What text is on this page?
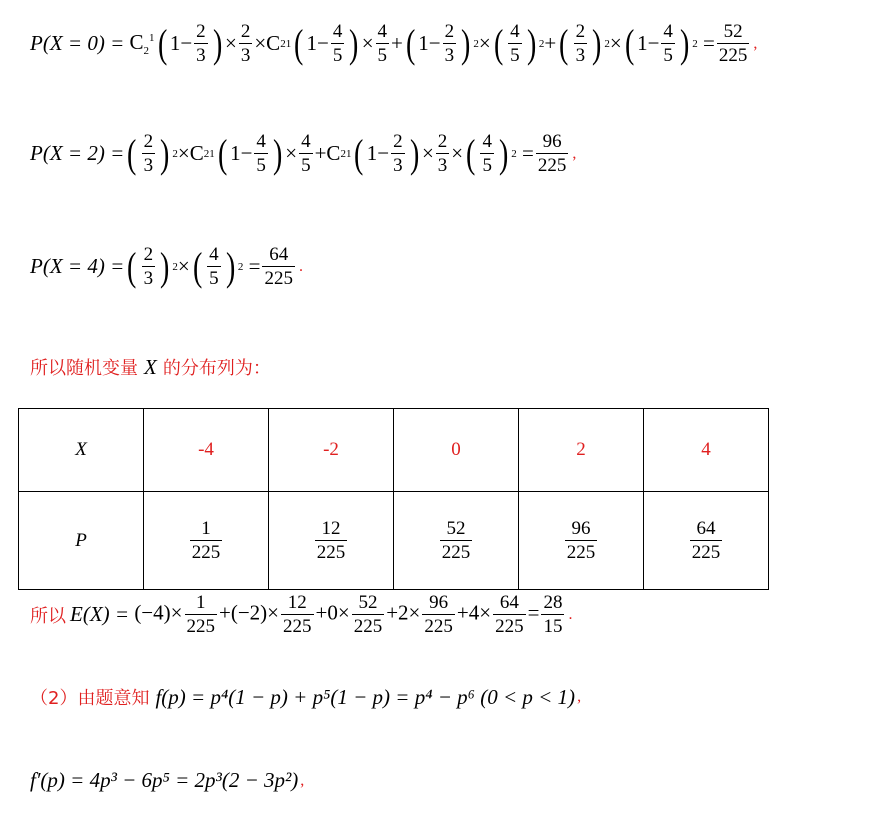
$P(X = 0) = C_2^1$ ( $1- \frac{2}{3}$ ) × $\frac{2}{3} \times C$ 2 1 ( $1- \frac{4}{5}$ ) × $\frac{4}{5}$ + ( $1- \frac{2}{3}$ ) 2 × ( $\frac{4}{5}$ ) 2 + ( $\frac{2}{3}$ ) 2 × ( $1- \frac{4}{5}$ ) $2 = \frac{52}{225}$ ,
P(X = 2) = ( $\frac{2}{3}$ ) 2 ×C 2 1 ( $1- \frac{4}{5}$ ) × $\frac{4}{5} +C$ 2 1 ( $1- \frac{2}{3}$ ) × $\frac{2}{3}$ × ( $\frac{4}{5}$ ) $2 = \frac{96}{225}$ ,
P(X = 4) = ( $\frac{2}{3}$ ) 2 × ( $\frac{4}{5}$ ) $2 = \frac{64}{225}$ .
所以随机变量 X 的分布列为：
X	-4	-2	0	2	4
P	$\frac{1}{225}$	$\frac{12}{225}$	$\frac{52}{225}$	$\frac{96}{225}$	$\frac{64}{225}$
所以 $E(X) = (-4)\times \frac{1}{225} +(-2)\times \frac{12}{225} +0\times \frac{52}{225} +2\times \frac{96}{225} +4\times \frac{64}{225} = \frac{28}{15}$ .
（2）由题意知 f(p) = p⁴(1 − p) + p⁵(1 − p) = p⁴ − p⁶ (0 < p < 1) ,
f′(p) = 4p³ − 6p⁵ = 2p³(2 − 3p²) ,
